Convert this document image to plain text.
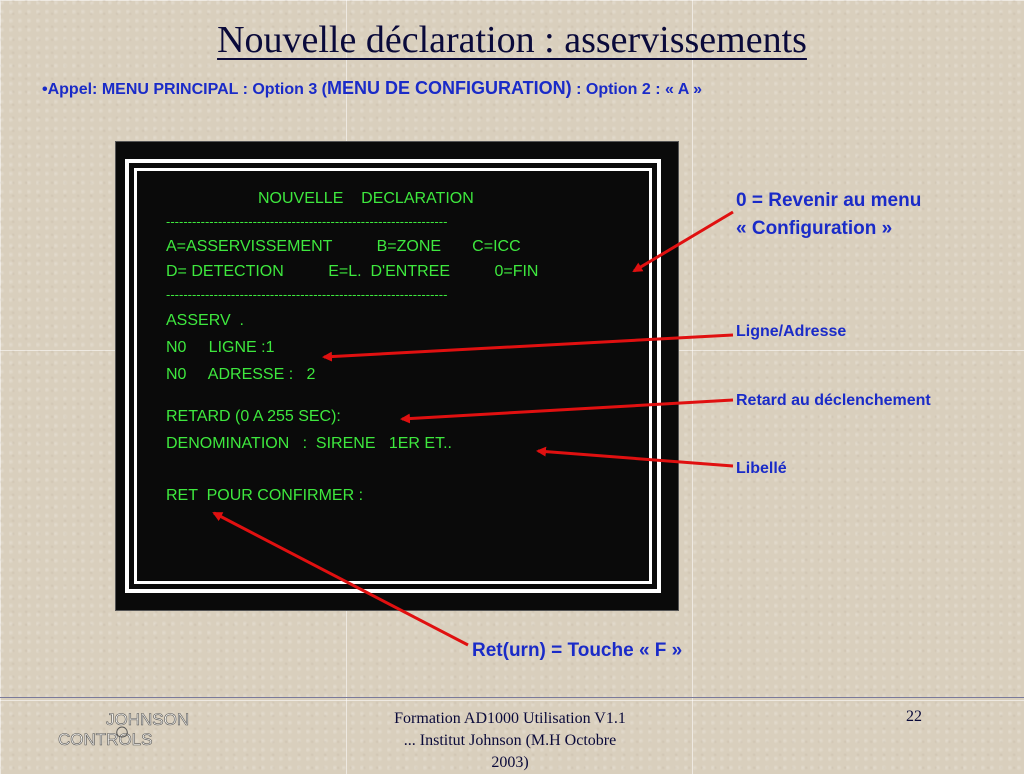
Nouvelle déclaration : asservissements
•Appel: MENU PRINCIPAL : Option 3 (MENU DE CONFIGURATION) : Option 2 : « A »
NOUVELLE    DECLARATION
-----------------------------------------------------------------
A=ASSERVISSEMENT          B=ZONE       C=ICC
D= DETECTION          E=L.  D'ENTREE          0=FIN
-----------------------------------------------------------------
ASSERV  .
N0     LIGNE :1
N0     ADRESSE :   2
RETARD (0 A 255 SEC):
DENOMINATION   :  SIRENE   1ER ET..
RET  POUR CONFIRMER :
0 = Revenir au menu
« Configuration »
Ligne/Adresse
Retard au déclenchement
Libellé
Ret(urn) = Touche « F »
JOHNSON
CONTROLS
Formation AD1000 Utilisation V1.1
... Institut Johnson (M.H Octobre
2003)
22
